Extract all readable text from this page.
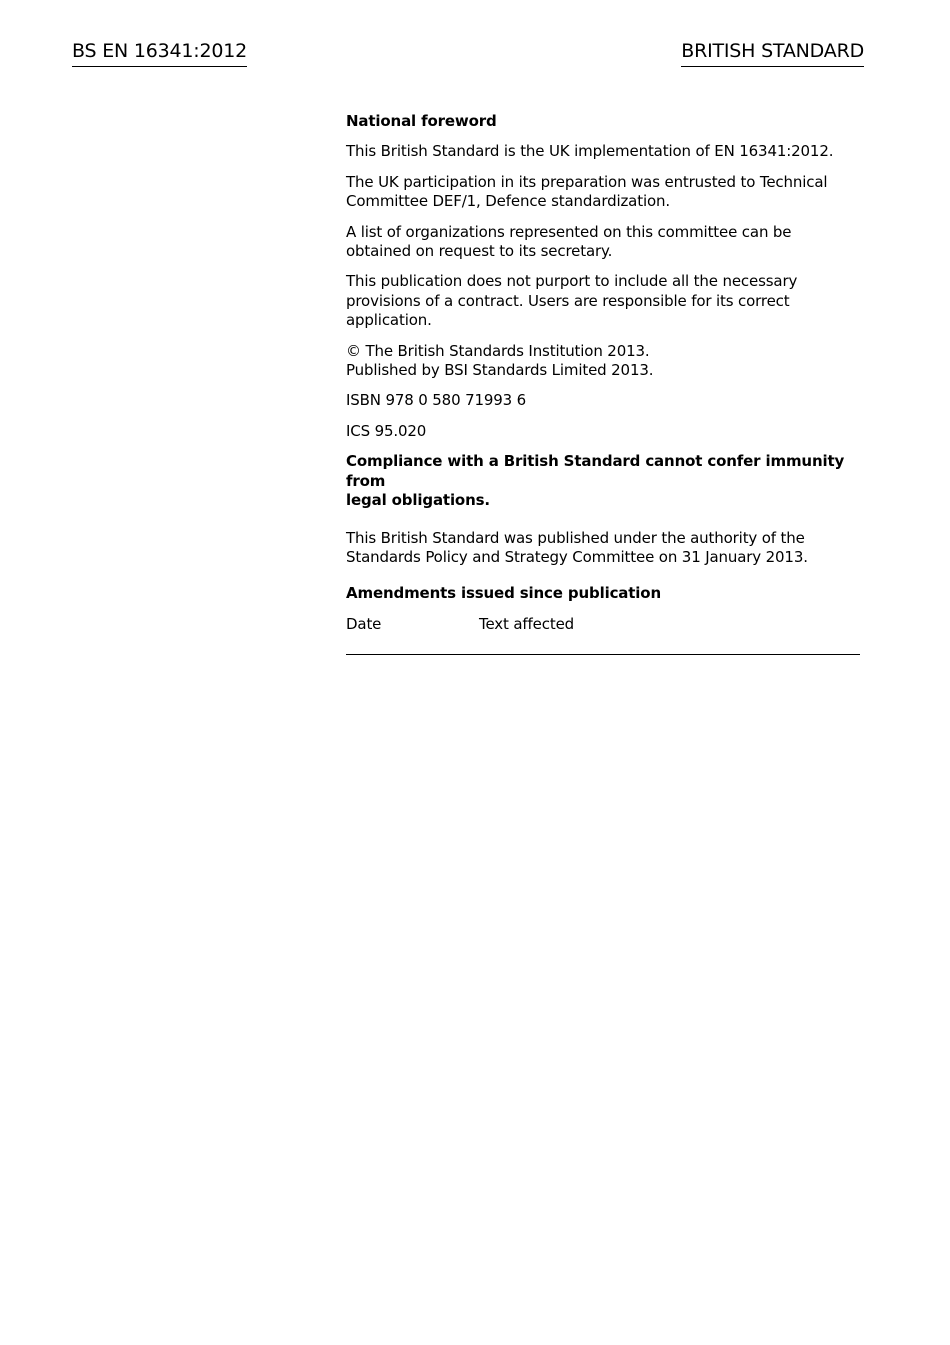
BS EN 16341:2012	BRITISH STANDARD

National foreword

This British Standard is the UK implementation of EN 16341:2012.

The UK participation in its preparation was entrusted to Technical
Committee DEF/1, Defence standardization.

A list of organizations represented on this committee can be
obtained on request to its secretary.

This publication does not purport to include all the necessary
provisions of a contract. Users are responsible for its correct
application.

© The British Standards Institution 2013.
Published by BSI Standards Limited 2013.

ISBN 978 0 580 71993 6

ICS 95.020

Compliance with a British Standard cannot confer immunity from
legal obligations.

This British Standard was published under the authority of the
Standards Policy and Strategy Committee on 31 January 2013.

Amendments issued since publication

Date	Text affected
